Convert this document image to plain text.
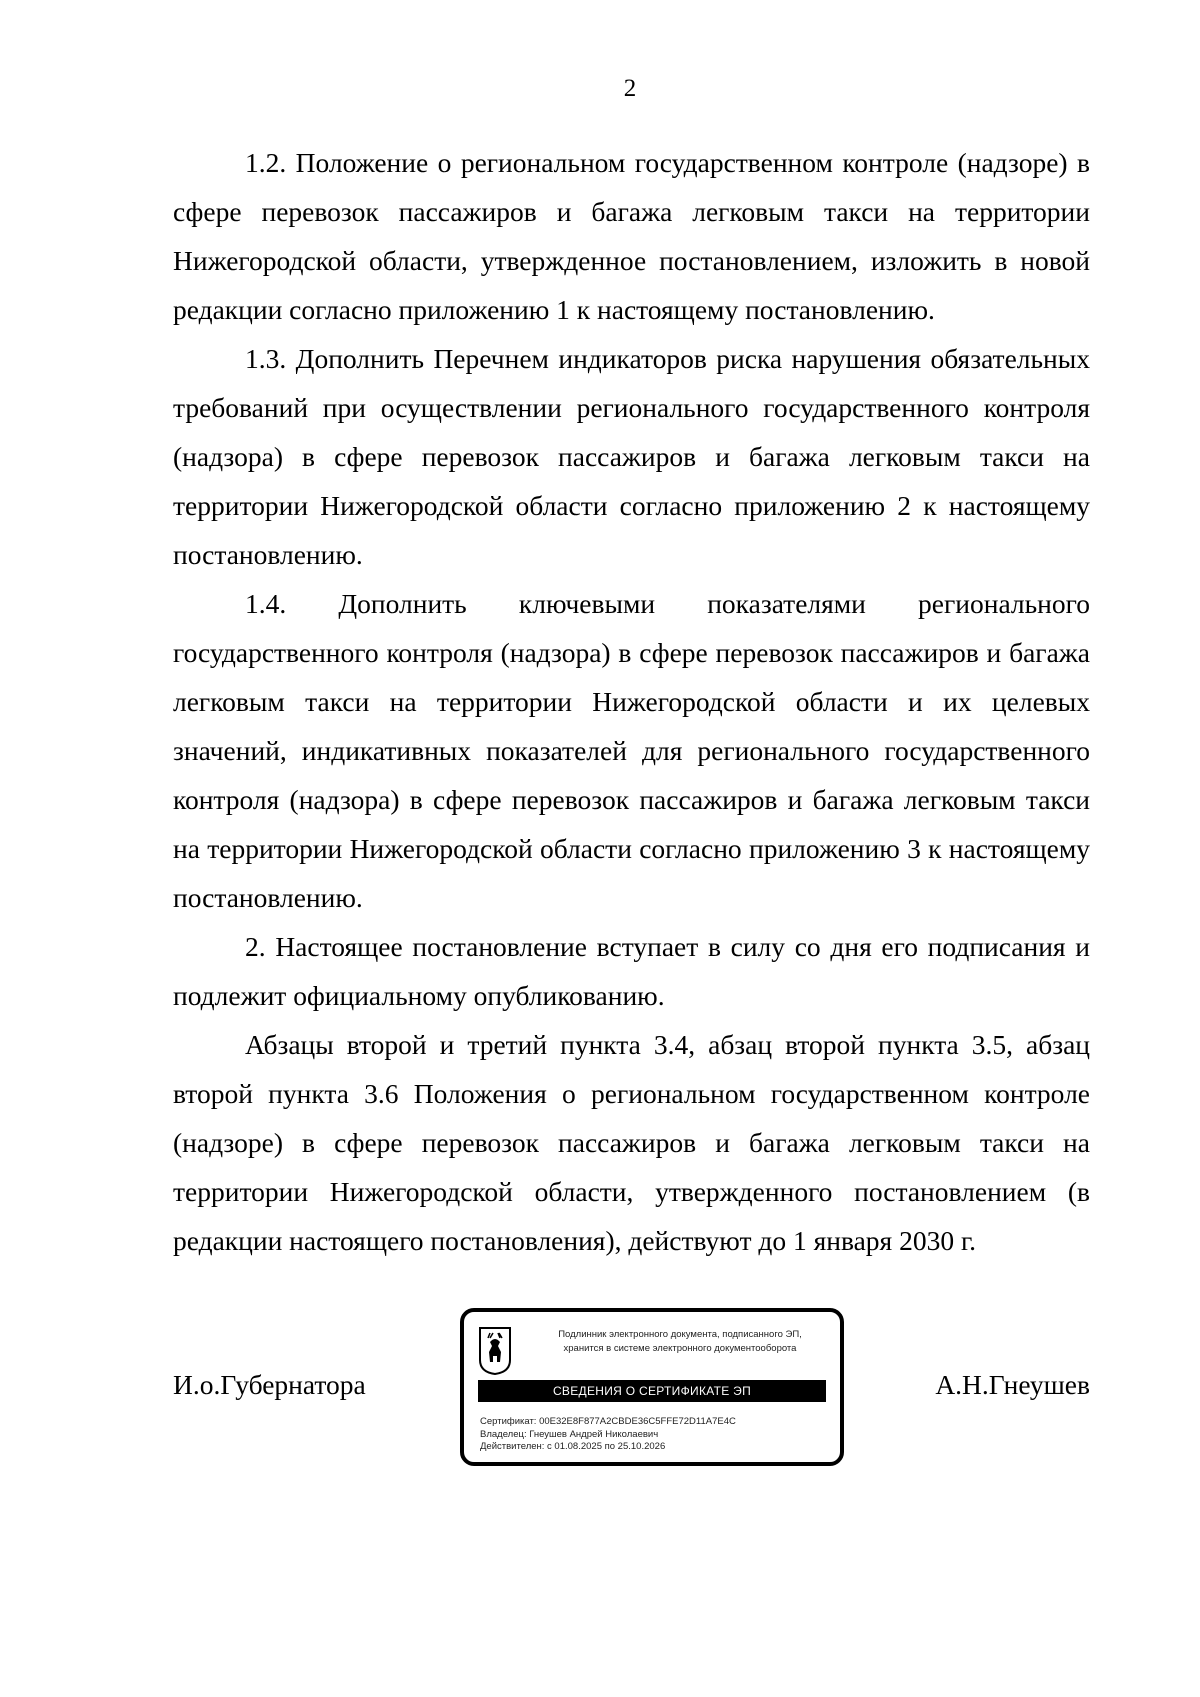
2

1.2. Положение о региональном государственном контроле (надзоре) в сфере перевозок пассажиров и багажа легковым такси на территории Нижегородской области, утвержденное постановлением, изложить в новой редакции согласно приложению 1 к настоящему постановлению.

1.3. Дополнить Перечнем индикаторов риска нарушения обязательных требований при осуществлении регионального государственного контроля (надзора) в сфере перевозок пассажиров и багажа легковым такси на территории Нижегородской области согласно приложению 2 к настоящему постановлению.

1.4. Дополнить ключевыми показателями регионального государственного контроля (надзора) в сфере перевозок пассажиров и багажа легковым такси на территории Нижегородской области и их целевых значений, индикативных показателей для регионального государственного контроля (надзора) в сфере перевозок пассажиров и багажа легковым такси на территории Нижегородской области согласно приложению 3 к настоящему постановлению.

2. Настоящее постановление вступает в силу со дня его подписания и подлежит официальному опубликованию.

Абзацы второй и третий пункта 3.4, абзац второй пункта 3.5, абзац второй пункта 3.6 Положения о региональном государственном контроле (надзоре) в сфере перевозок пассажиров и багажа легковым такси на территории Нижегородской области, утвержденного постановлением (в редакции настоящего постановления), действуют до 1 января 2030 г.

И.о.Губернатора
Подлинник электронного документа, подписанного ЭП,
хранится в системе электронного документооборота
СВЕДЕНИЯ О СЕРТИФИКАТЕ ЭП
Сертификат: 00E32E8F877A2CBDE36C5FFE72D11A7E4C
Владелец: Гнеушев Андрей Николаевич
Действителен: с 01.08.2025 по 25.10.2026
А.Н.Гнеушев
